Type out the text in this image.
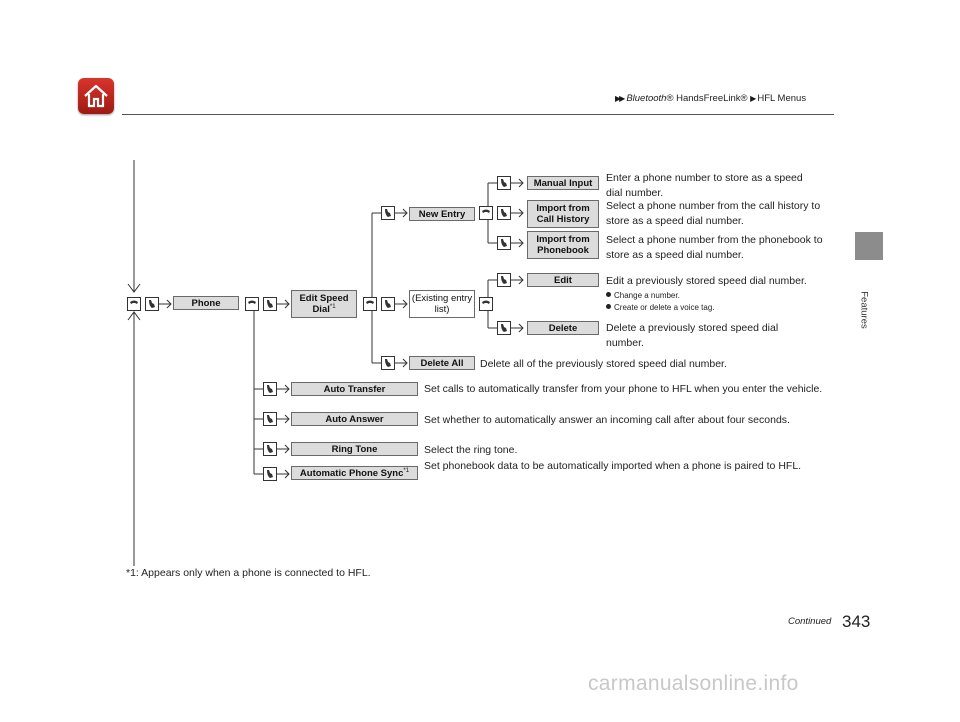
▶▶ Bluetooth® HandsFreeLink® ▶ HFL Menus
Features
Phone	Edit Speed Dial$^{*1}$
New Entry
(Existing entry list)
Delete All
Manual Input
Import from Call History
Import from Phonebook
Edit
Delete
Auto Transfer
Auto Answer
Ring Tone
Automatic Phone Sync$^{*1}$
Enter a phone number to store as a speed dial number.
Select a phone number from the call history to store as a speed dial number.
Select a phone number from the phonebook to store as a speed dial number.
Edit a previously stored speed dial number.
Change a number.
Create or delete a voice tag.
Delete a previously stored speed dial number.
Delete all of the previously stored speed dial number.
Set calls to automatically transfer from your phone to HFL when you enter the vehicle.
Set whether to automatically answer an incoming call after about four seconds.
Select the ring tone.
Set phonebook data to be automatically imported when a phone is paired to HFL.
*1: Appears only when a phone is connected to HFL.
Continued 343
carmanualsonline.info
